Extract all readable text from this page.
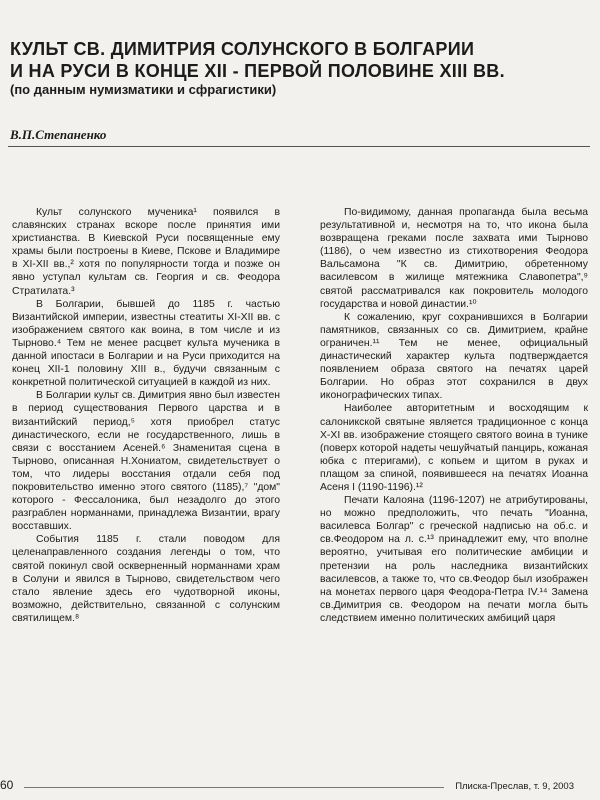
КУЛЬТ СВ. ДИМИТРИЯ СОЛУНСКОГО В БОЛГАРИИ
И НА РУСИ В КОНЦЕ XII - ПЕРВОЙ ПОЛОВИНЕ XIII ВВ.
(по данным нумизматики и сфрагистики)
В.П.Степаненко

Культ солунского мученика¹ появился в славянских странах вскоре после принятия ими христианства. В Киевской Руси посвященные ему храмы были построены в Киеве, Пскове и Владимире в XI-XII вв.,² хотя по популярности тогда и позже он явно уступал культам св. Георгия и св. Феодора Стратилата.³

В Болгарии, бывшей до 1185 г. частью Византийской империи, известны стеатиты XI-XII вв. с изображением святого как воина, в том числе и из Тырново.⁴ Тем не менее расцвет культа мученика в данной ипостаси в Болгарии и на Руси приходится на конец XII-1 половину XIII в., будучи связанным с конкретной политической ситуацией в каждой из них.

В Болгарии культ св. Димитрия явно был известен в период существования Первого царства и в византийский период,⁵ хотя приобрел статус династического, если не государственного, лишь в связи с восстанием Асеней.⁶ Знаменитая сцена в Тырново, описанная Н.Хониатом, свидетельствует о том, что лидеры восстания отдали себя под покровительство именно этого святого (1185),⁷ "дом" которого - Фессалоника, был незадолго до этого разграблен норманнами, принадлежа Византии, врагу восставших.

События 1185 г. стали поводом для целенаправленного создания легенды о том, что святой покинул свой оскверненный норманнами храм в Солуни и явился в Тырново, свидетельством чего стало явление здесь его чудотворной иконы, возможно, действительно, связанной с солунским святилищем.⁸

По-видимому, данная пропаганда была весьма результативной и, несмотря на то, что икона была возвращена греками после захвата ими Тырново (1186), о чем известно из стихотворения Феодора Вальсамона "К св. Димитрию, обретенному василевсом в жилище мятежника Славопетра",⁹ святой рассматривался как покровитель молодого государства и новой династии.¹⁰

К сожалению, круг сохранившихся в Болгарии памятников, связанных со св. Димитрием, крайне ограничен.¹¹ Тем не менее, официальный династический характер культа подтверждается появлением образа святого на печатях царей Болгарии. Но образ этот сохранился в двух иконографических типах.

Наиболее авторитетным и восходящим к салоникской святыне является традиционное с конца X-XI вв. изображение стоящего святого воина в тунике (поверх которой надеты чешуйчатый панцирь, кожаная юбка с птеригами), с копьем и щитом в руках и плащом за спиной, появившееся на печатях Иоанна Асеня I (1190-1196).¹²

Печати Калояна (1196-1207) не атрибутированы, но можно предположить, что печать "Иоанна, василевса Болгар" с греческой надписью на об.с. и св.Феодором на л. с.¹³ принадлежит ему, что вполне вероятно, учитывая его политические амбиции и претензии на роль наследника византийских василевсов, а также то, что св.Феодор был изображен на монетах первого царя Феодора-Петра IV.¹⁴ Замена св.Димитрия св. Феодором на печати могла быть следствием именно политических амбиций царя

60	Плиска-Преслав, т. 9, 2003
